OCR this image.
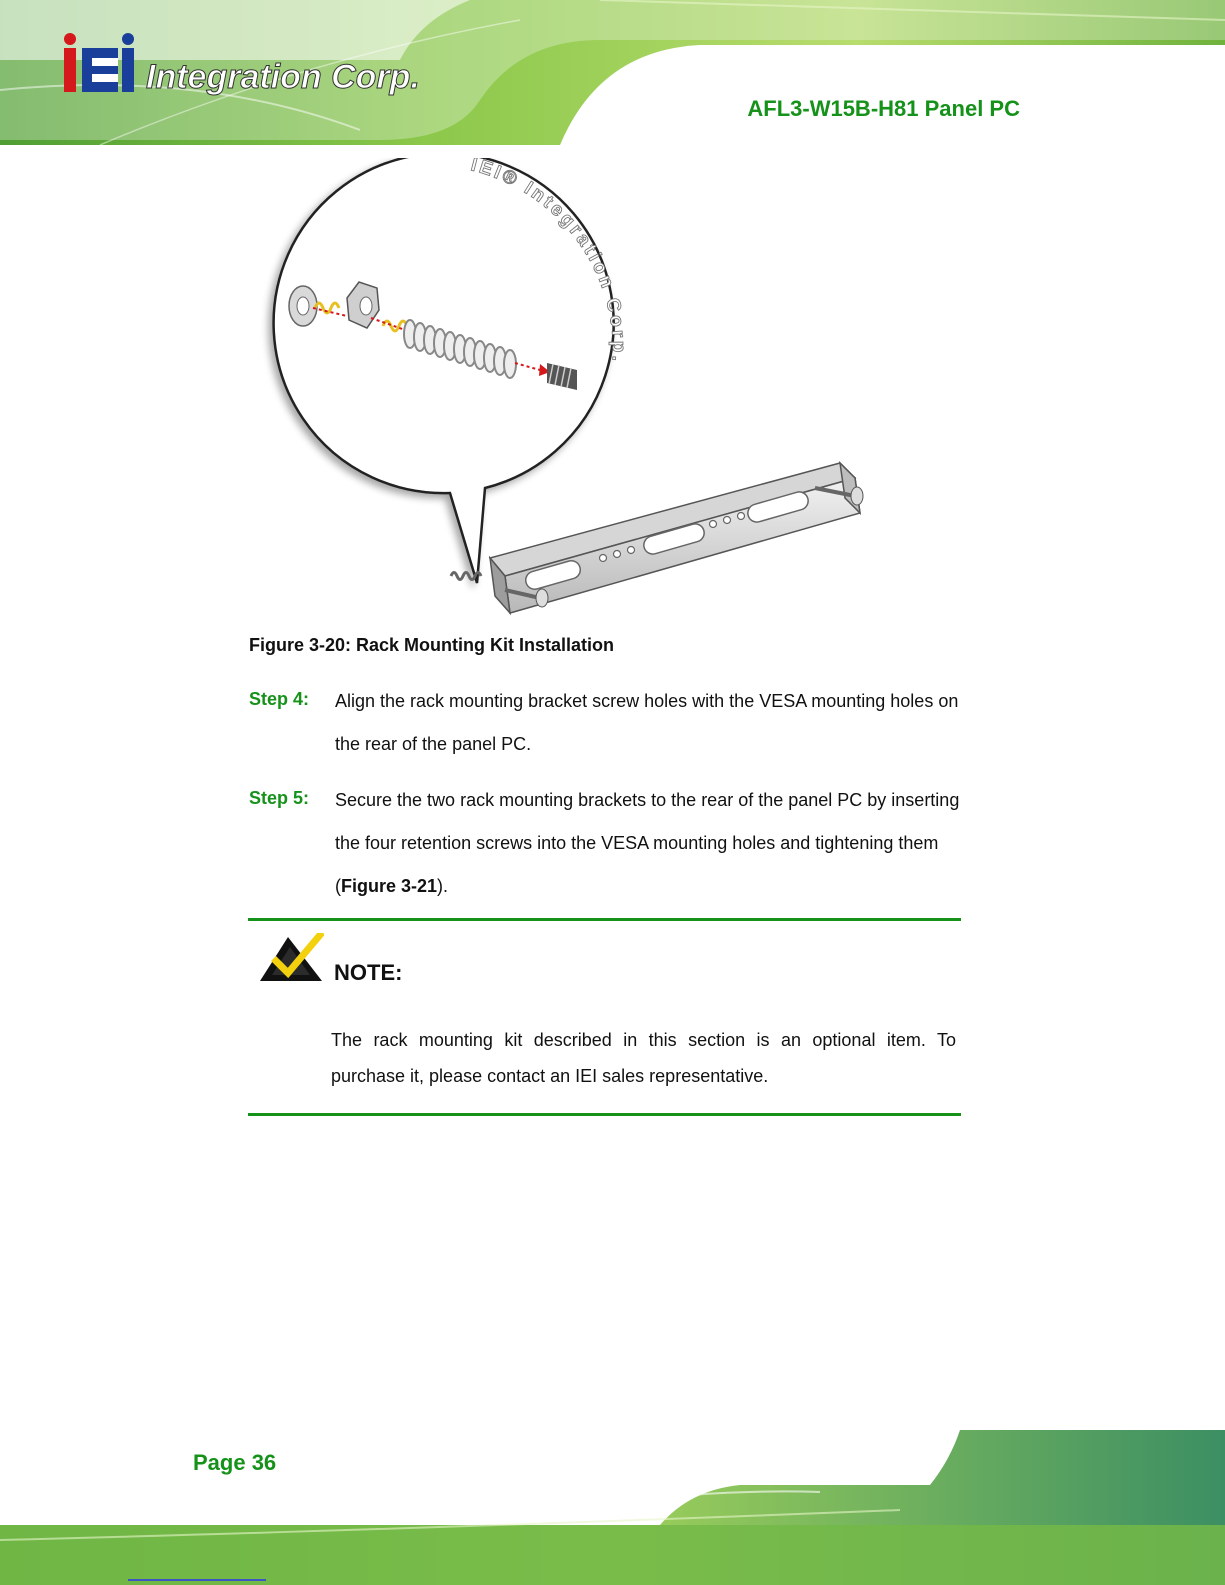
Integration Corp.
AFL3-W15B-H81 Panel PC
IEI® Integration Corp.
Figure 3-20: Rack Mounting Kit Installation
Step 4: Align the rack mounting bracket screw holes with the VESA mounting holes on
the rear of the panel PC.
Step 5: Secure the two rack mounting brackets to the rear of the panel PC by inserting
the four retention screws into the VESA mounting holes and tightening them
(Figure 3-21).
NOTE:
The rack mounting kit described in this section is an optional item. To purchase it, please contact an IEI sales representative.
Page 36
